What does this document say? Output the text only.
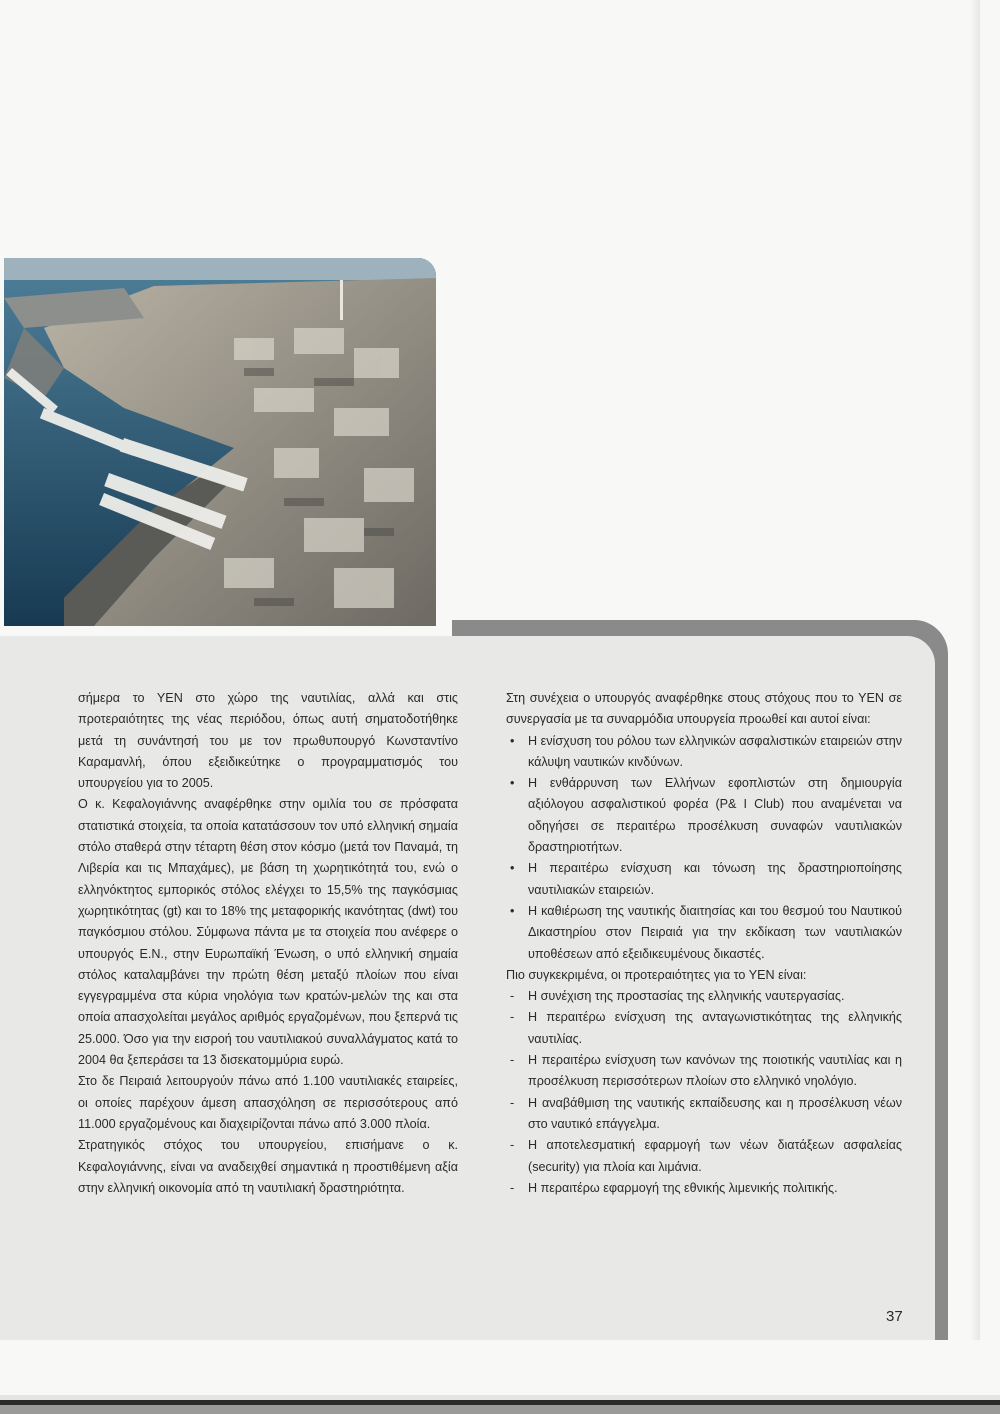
σήμερα το ΥΕΝ στο χώρο της ναυτιλίας, αλλά και στις προτεραιότητες της νέας περιόδου, όπως αυτή σηματοδοτήθηκε μετά τη συνάντησή του με τον πρωθυπουργό Κωνσταντίνο Καραμανλή, όπου εξειδικεύτηκε ο προγραμματισμός του υπουργείου για το 2005.

Ο κ. Κεφαλογιάννης αναφέρθηκε στην ομιλία του σε πρόσφατα στατιστικά στοιχεία, τα οποία κατατάσσουν τον υπό ελληνική σημαία στόλο σταθερά στην τέταρτη θέση στον κόσμο (μετά τον Παναμά, τη Λιβερία και τις Μπαχάμες), με βάση τη χωρητικότητά του, ενώ ο ελληνόκτητος εμπορικός στόλος ελέγχει το 15,5% της παγκόσμιας χωρητικότητας (gt) και το 18% της μεταφορικής ικανότητας (dwt) του παγκόσμιου στόλου. Σύμφωνα πάντα με τα στοιχεία που ανέφερε ο υπουργός Ε.Ν., στην Ευρωπαϊκή Ένωση, ο υπό ελληνική σημαία στόλος καταλαμβάνει την πρώτη θέση μεταξύ πλοίων που είναι εγγεγραμμένα στα κύρια νηολόγια των κρατών-μελών της και στα οποία απασχολείται μεγάλος αριθμός εργαζομένων, που ξεπερνά τις 25.000. Όσο για την εισροή του ναυτιλιακού συναλλάγματος κατά το 2004 θα ξεπεράσει τα 13 δισεκατομμύρια ευρώ.

Στο δε Πειραιά λειτουργούν πάνω από 1.100 ναυτιλιακές εταιρείες, οι οποίες παρέχουν άμεση απασχόληση σε περισσότερους από 11.000 εργαζομένους και διαχειρίζονται πάνω από 3.000 πλοία.

Στρατηγικός στόχος του υπουργείου, επισήμανε ο κ. Κεφαλογιάννης, είναι να αναδειχθεί σημαντικά η προστιθέμενη αξία στην ελληνική οικονομία από τη ναυτιλιακή δραστηριότητα.

Στη συνέχεια ο υπουργός αναφέρθηκε στους στόχους που το ΥΕΝ σε συνεργασία με τα συναρμόδια υπουργεία προωθεί και αυτοί είναι:

•	Η ενίσχυση του ρόλου των ελληνικών ασφαλιστικών εταιρειών στην κάλυψη ναυτικών κινδύνων.
•	Η ενθάρρυνση των Ελλήνων εφοπλιστών στη δημιουργία αξιόλογου ασφαλιστικού φορέα (P& I Club) που αναμένεται να οδηγήσει σε περαιτέρω προσέλκυση συναφών ναυτιλιακών δραστηριοτήτων.
•	Η περαιτέρω ενίσχυση και τόνωση της δραστηριοποίησης ναυτιλιακών εταιρειών.
•	Η καθιέρωση της ναυτικής διαιτησίας και του θεσμού του Ναυτικού Δικαστηρίου στον Πειραιά για την εκδίκαση των ναυτιλιακών υποθέσεων από εξειδικευμένους δικαστές.

Πιο συγκεκριμένα, οι προτεραιότητες για το ΥΕΝ είναι:

-	Η συνέχιση της προστασίας της ελληνικής ναυτεργασίας.
-	Η περαιτέρω ενίσχυση της ανταγωνιστικότητας της ελληνικής ναυτιλίας.
-	Η περαιτέρω ενίσχυση των κανόνων της ποιοτικής ναυτιλίας και η προσέλκυση περισσότερων πλοίων στο ελληνικό νηολόγιο.
-	Η αναβάθμιση της ναυτικής εκπαίδευσης και η προσέλκυση νέων στο ναυτικό επάγγελμα.
-	Η αποτελεσματική εφαρμογή των νέων διατάξεων ασφαλείας (security) για πλοία και λιμάνια.
-	Η περαιτέρω εφαρμογή της εθνικής λιμενικής πολιτικής.
37
